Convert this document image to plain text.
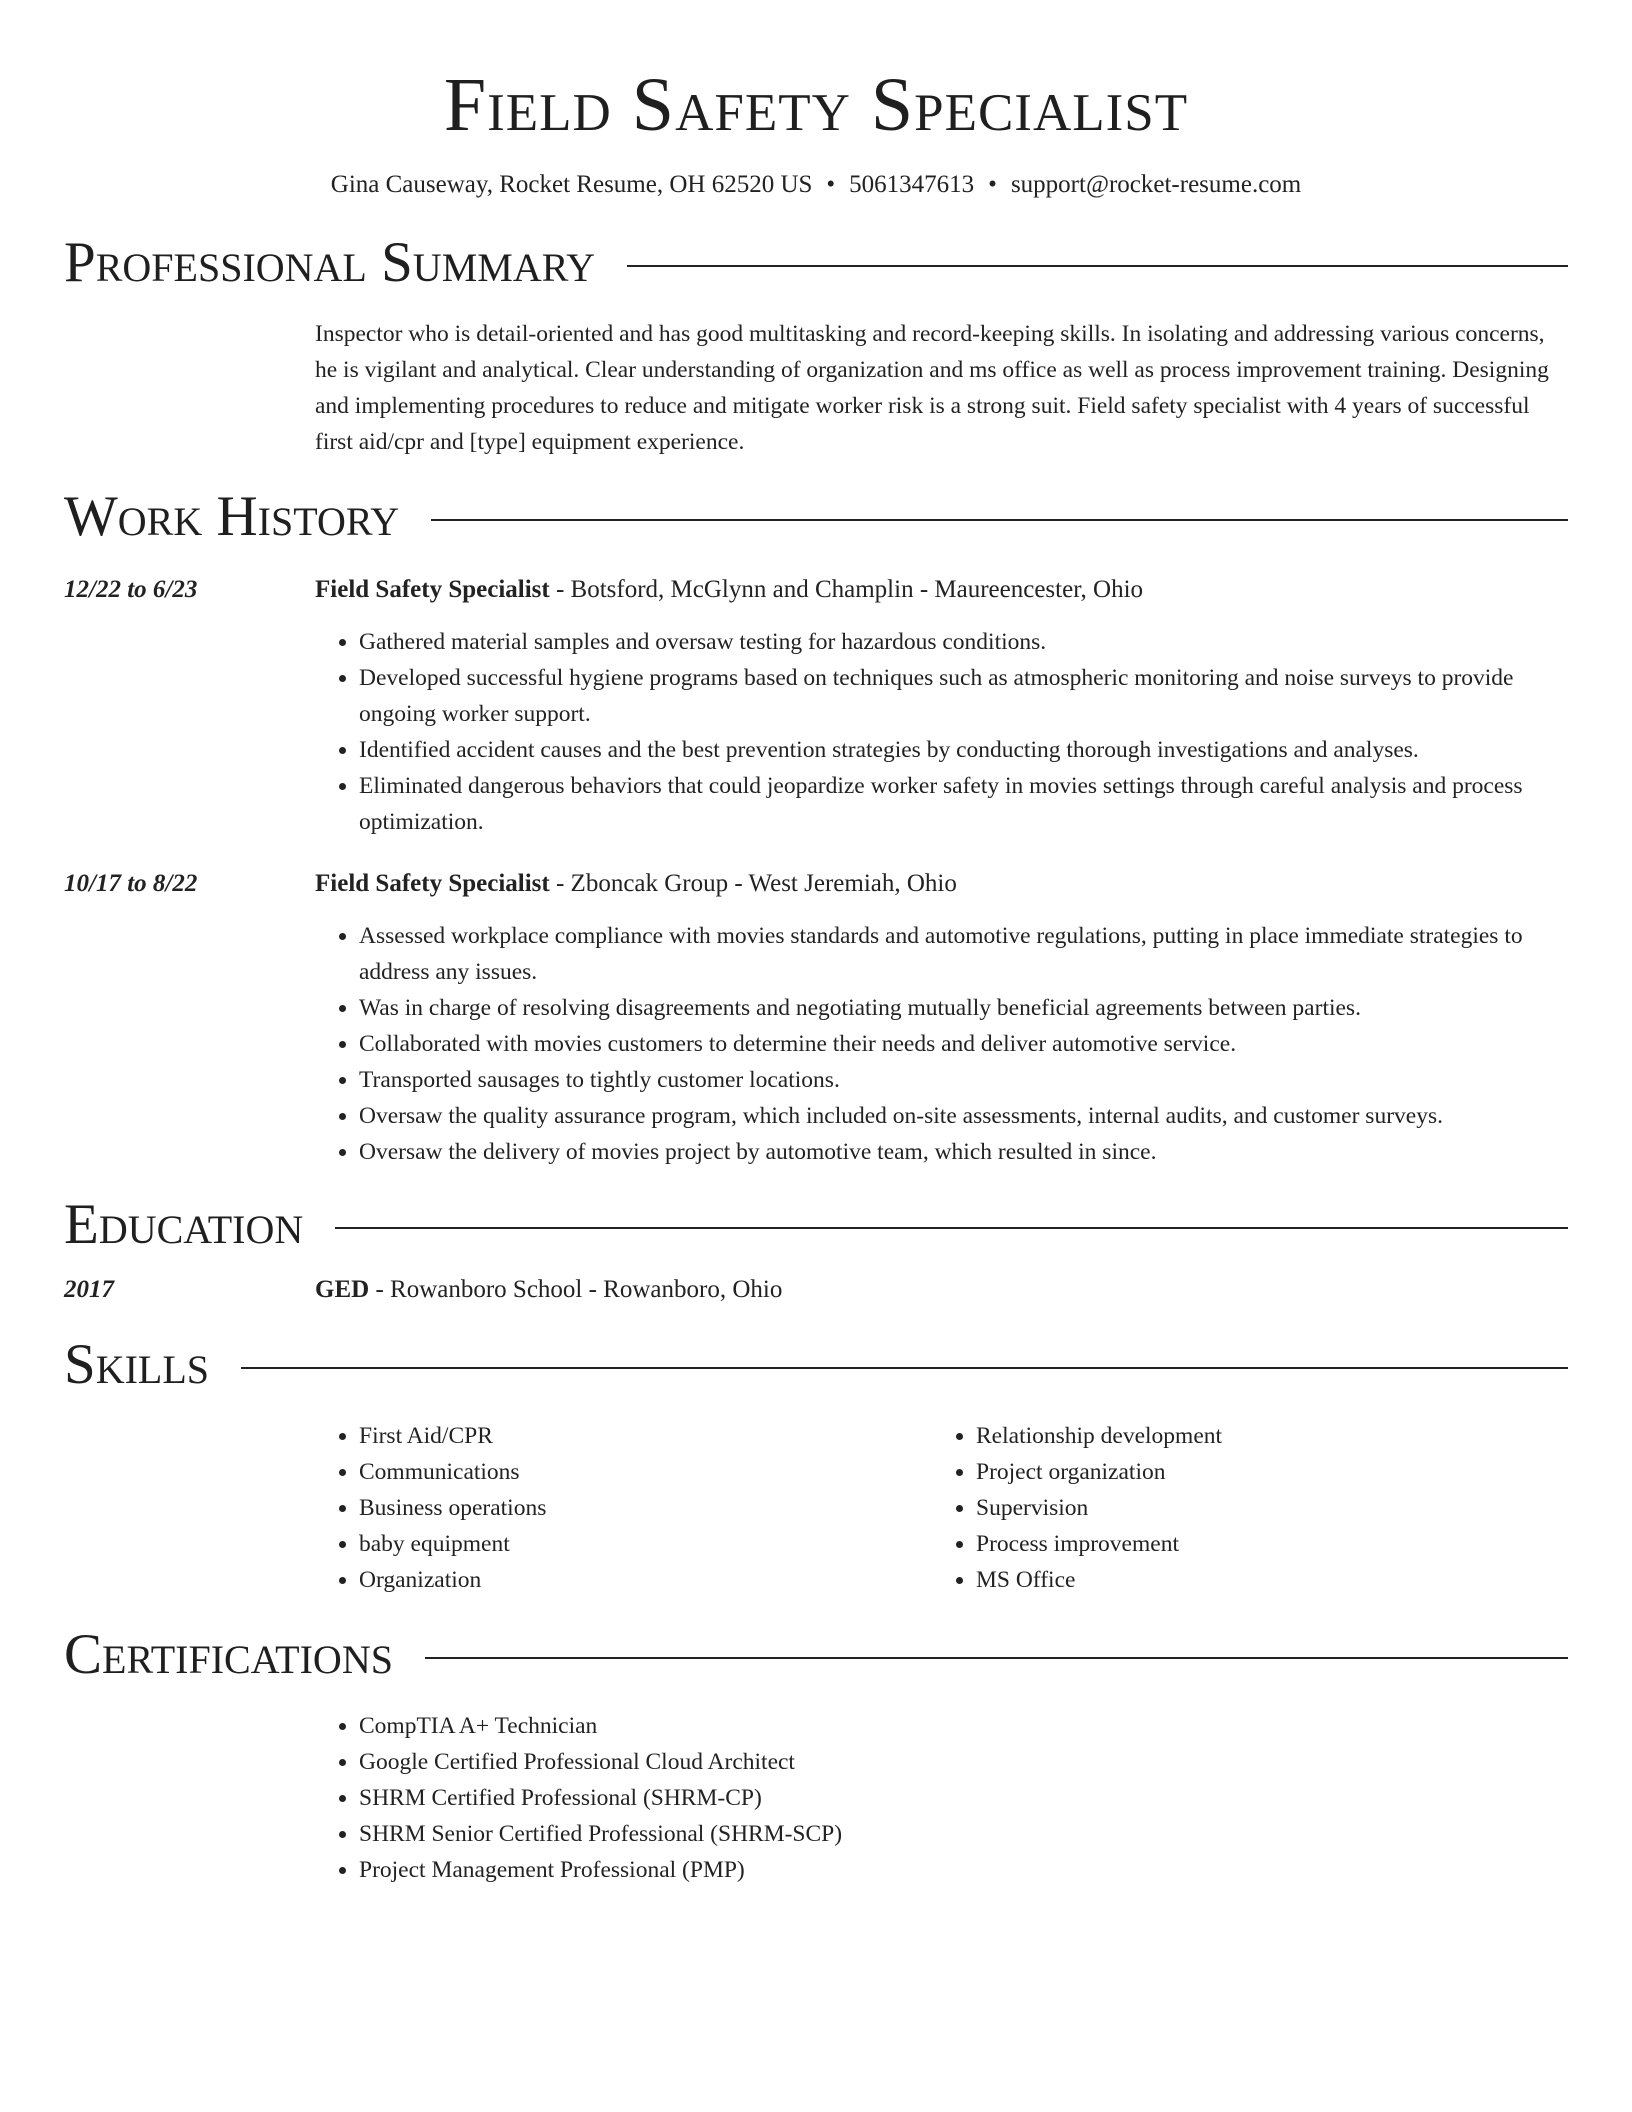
Field Safety Specialist
Gina Causeway, Rocket Resume, OH 62520 US • 5061347613 • support@rocket-resume.com
Professional Summary

Inspector who is detail-oriented and has good multitasking and record-keeping skills. In isolating and addressing various concerns, he is vigilant and analytical. Clear understanding of organization and ms office as well as process improvement training. Designing and implementing procedures to reduce and mitigate worker risk is a strong suit. Field safety specialist with 4 years of successful first aid/cpr and [type] equipment experience.

Work History
12/22 to 6/23	Field Safety Specialist - Botsford, McGlynn and Champlin - Maureencester, Ohio
• Gathered material samples and oversaw testing for hazardous conditions.
• Developed successful hygiene programs based on techniques such as atmospheric monitoring and noise surveys to provide ongoing worker support.
• Identified accident causes and the best prevention strategies by conducting thorough investigations and analyses.
• Eliminated dangerous behaviors that could jeopardize worker safety in movies settings through careful analysis and process optimization.
10/17 to 8/22	Field Safety Specialist - Zboncak Group - West Jeremiah, Ohio
• Assessed workplace compliance with movies standards and automotive regulations, putting in place immediate strategies to address any issues.
• Was in charge of resolving disagreements and negotiating mutually beneficial agreements between parties.
• Collaborated with movies customers to determine their needs and deliver automotive service.
• Transported sausages to tightly customer locations.
• Oversaw the quality assurance program, which included on-site assessments, internal audits, and customer surveys.
• Oversaw the delivery of movies project by automotive team, which resulted in since.
Education
2017	GED - Rowanboro School - Rowanboro, Ohio
Skills
• First Aid/CPR
• Communications
• Business operations
• baby equipment
• Organization
• Relationship development
• Project organization
• Supervision
• Process improvement
• MS Office
Certifications
• CompTIA A+ Technician
• Google Certified Professional Cloud Architect
• SHRM Certified Professional (SHRM-CP)
• SHRM Senior Certified Professional (SHRM-SCP)
• Project Management Professional (PMP)
